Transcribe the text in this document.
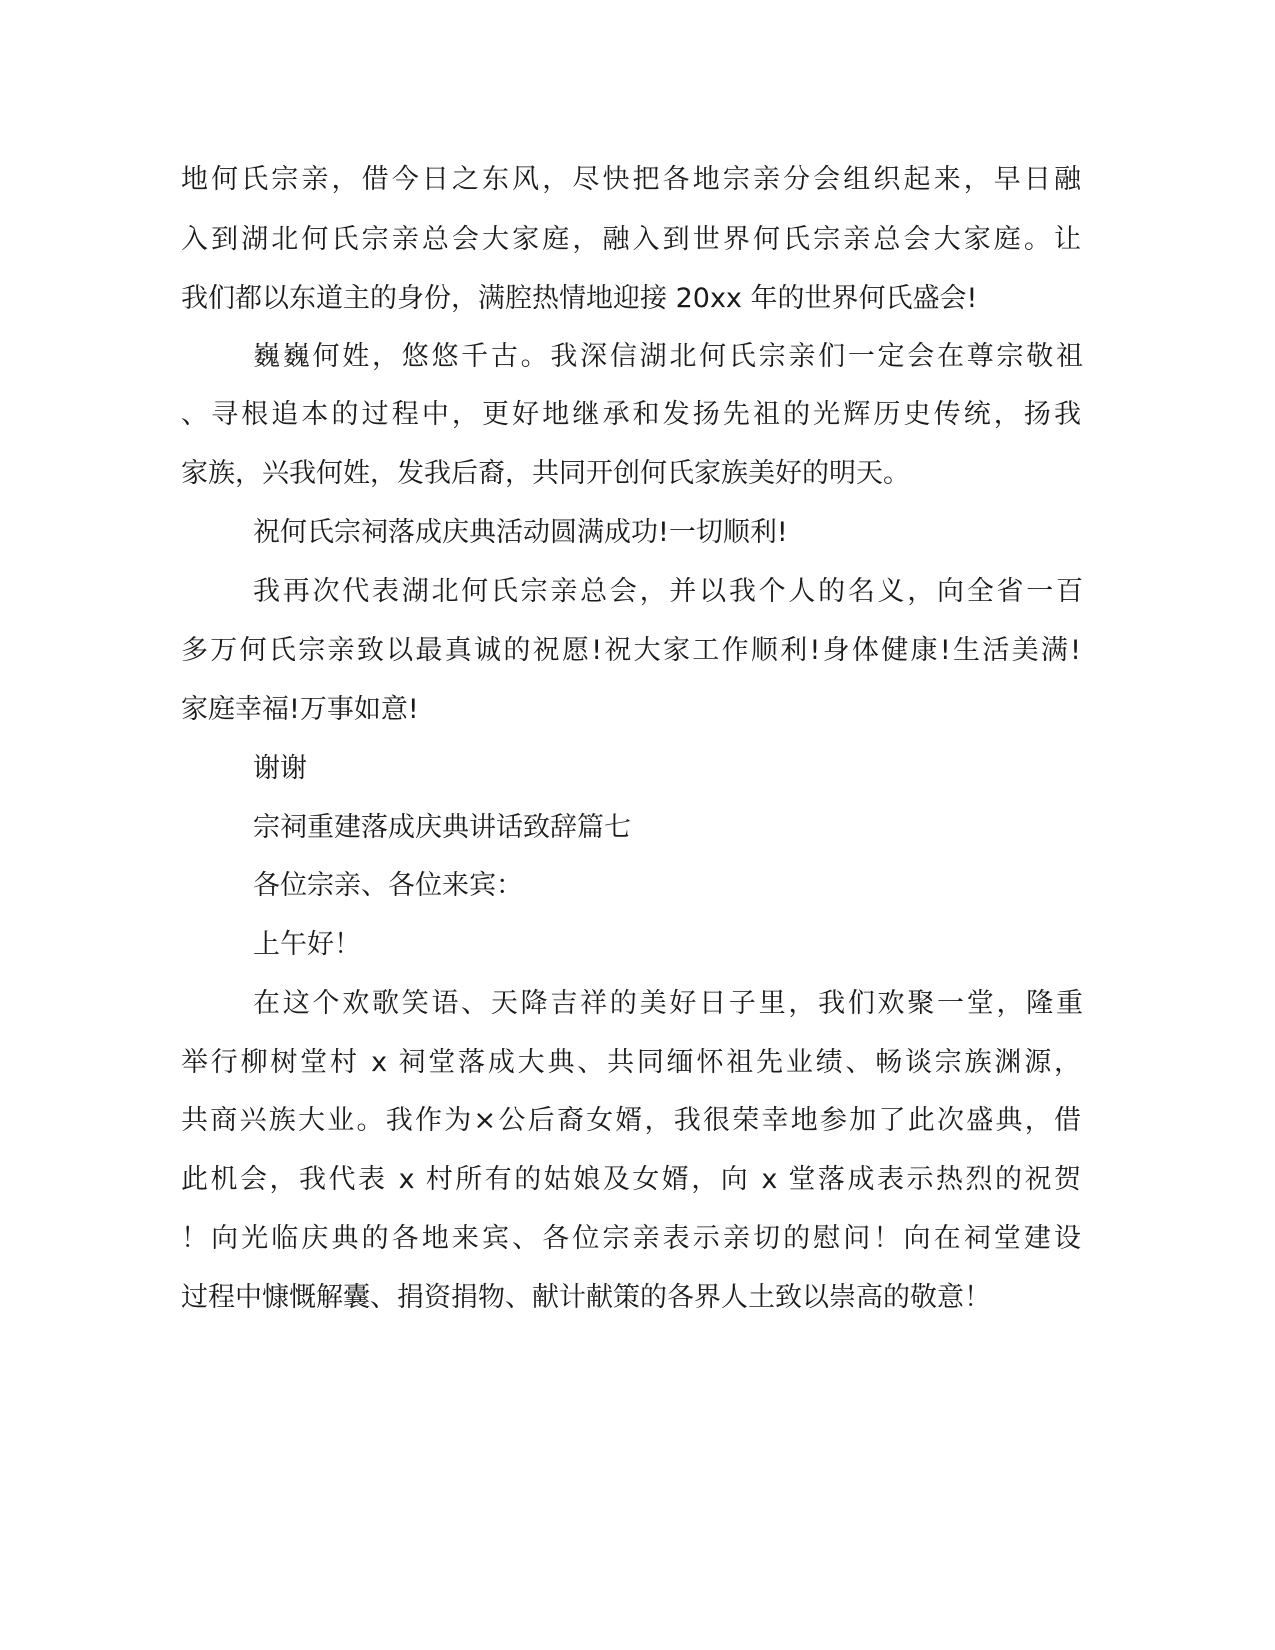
地何氏宗亲，借今日之东风，尽快把各地宗亲分会组织起来，早日融
入到湖北何氏宗亲总会大家庭，融入到世界何氏宗亲总会大家庭。让
我们都以东道主的身份，满腔热情地迎接 20xx 年的世界何氏盛会!
巍巍何姓，悠悠千古。我深信湖北何氏宗亲们一定会在尊宗敬祖
、寻根追本的过程中，更好地继承和发扬先祖的光辉历史传统，扬我
家族，兴我何姓，发我后裔，共同开创何氏家族美好的明天。
祝何氏宗祠落成庆典活动圆满成功!一切顺利!
我再次代表湖北何氏宗亲总会，并以我个人的名义，向全省一百
多万何氏宗亲致以最真诚的祝愿!祝大家工作顺利!身体健康!生活美满!
家庭幸福!万事如意!
谢谢
宗祠重建落成庆典讲话致辞篇七
各位宗亲、各位来宾：
上午好！
在这个欢歌笑语、天降吉祥的美好日子里，我们欢聚一堂，隆重
举行柳树堂村 x 祠堂落成大典、共同缅怀祖先业绩、畅谈宗族渊源，
共商兴族大业。我作为×公后裔女婿，我很荣幸地参加了此次盛典，借
此机会，我代表 x 村所有的姑娘及女婿，向 x 堂落成表示热烈的祝贺
！向光临庆典的各地来宾、各位宗亲表示亲切的慰问！向在祠堂建设
过程中慷慨解囊、捐资捐物、献计献策的各界人土致以崇高的敬意！
